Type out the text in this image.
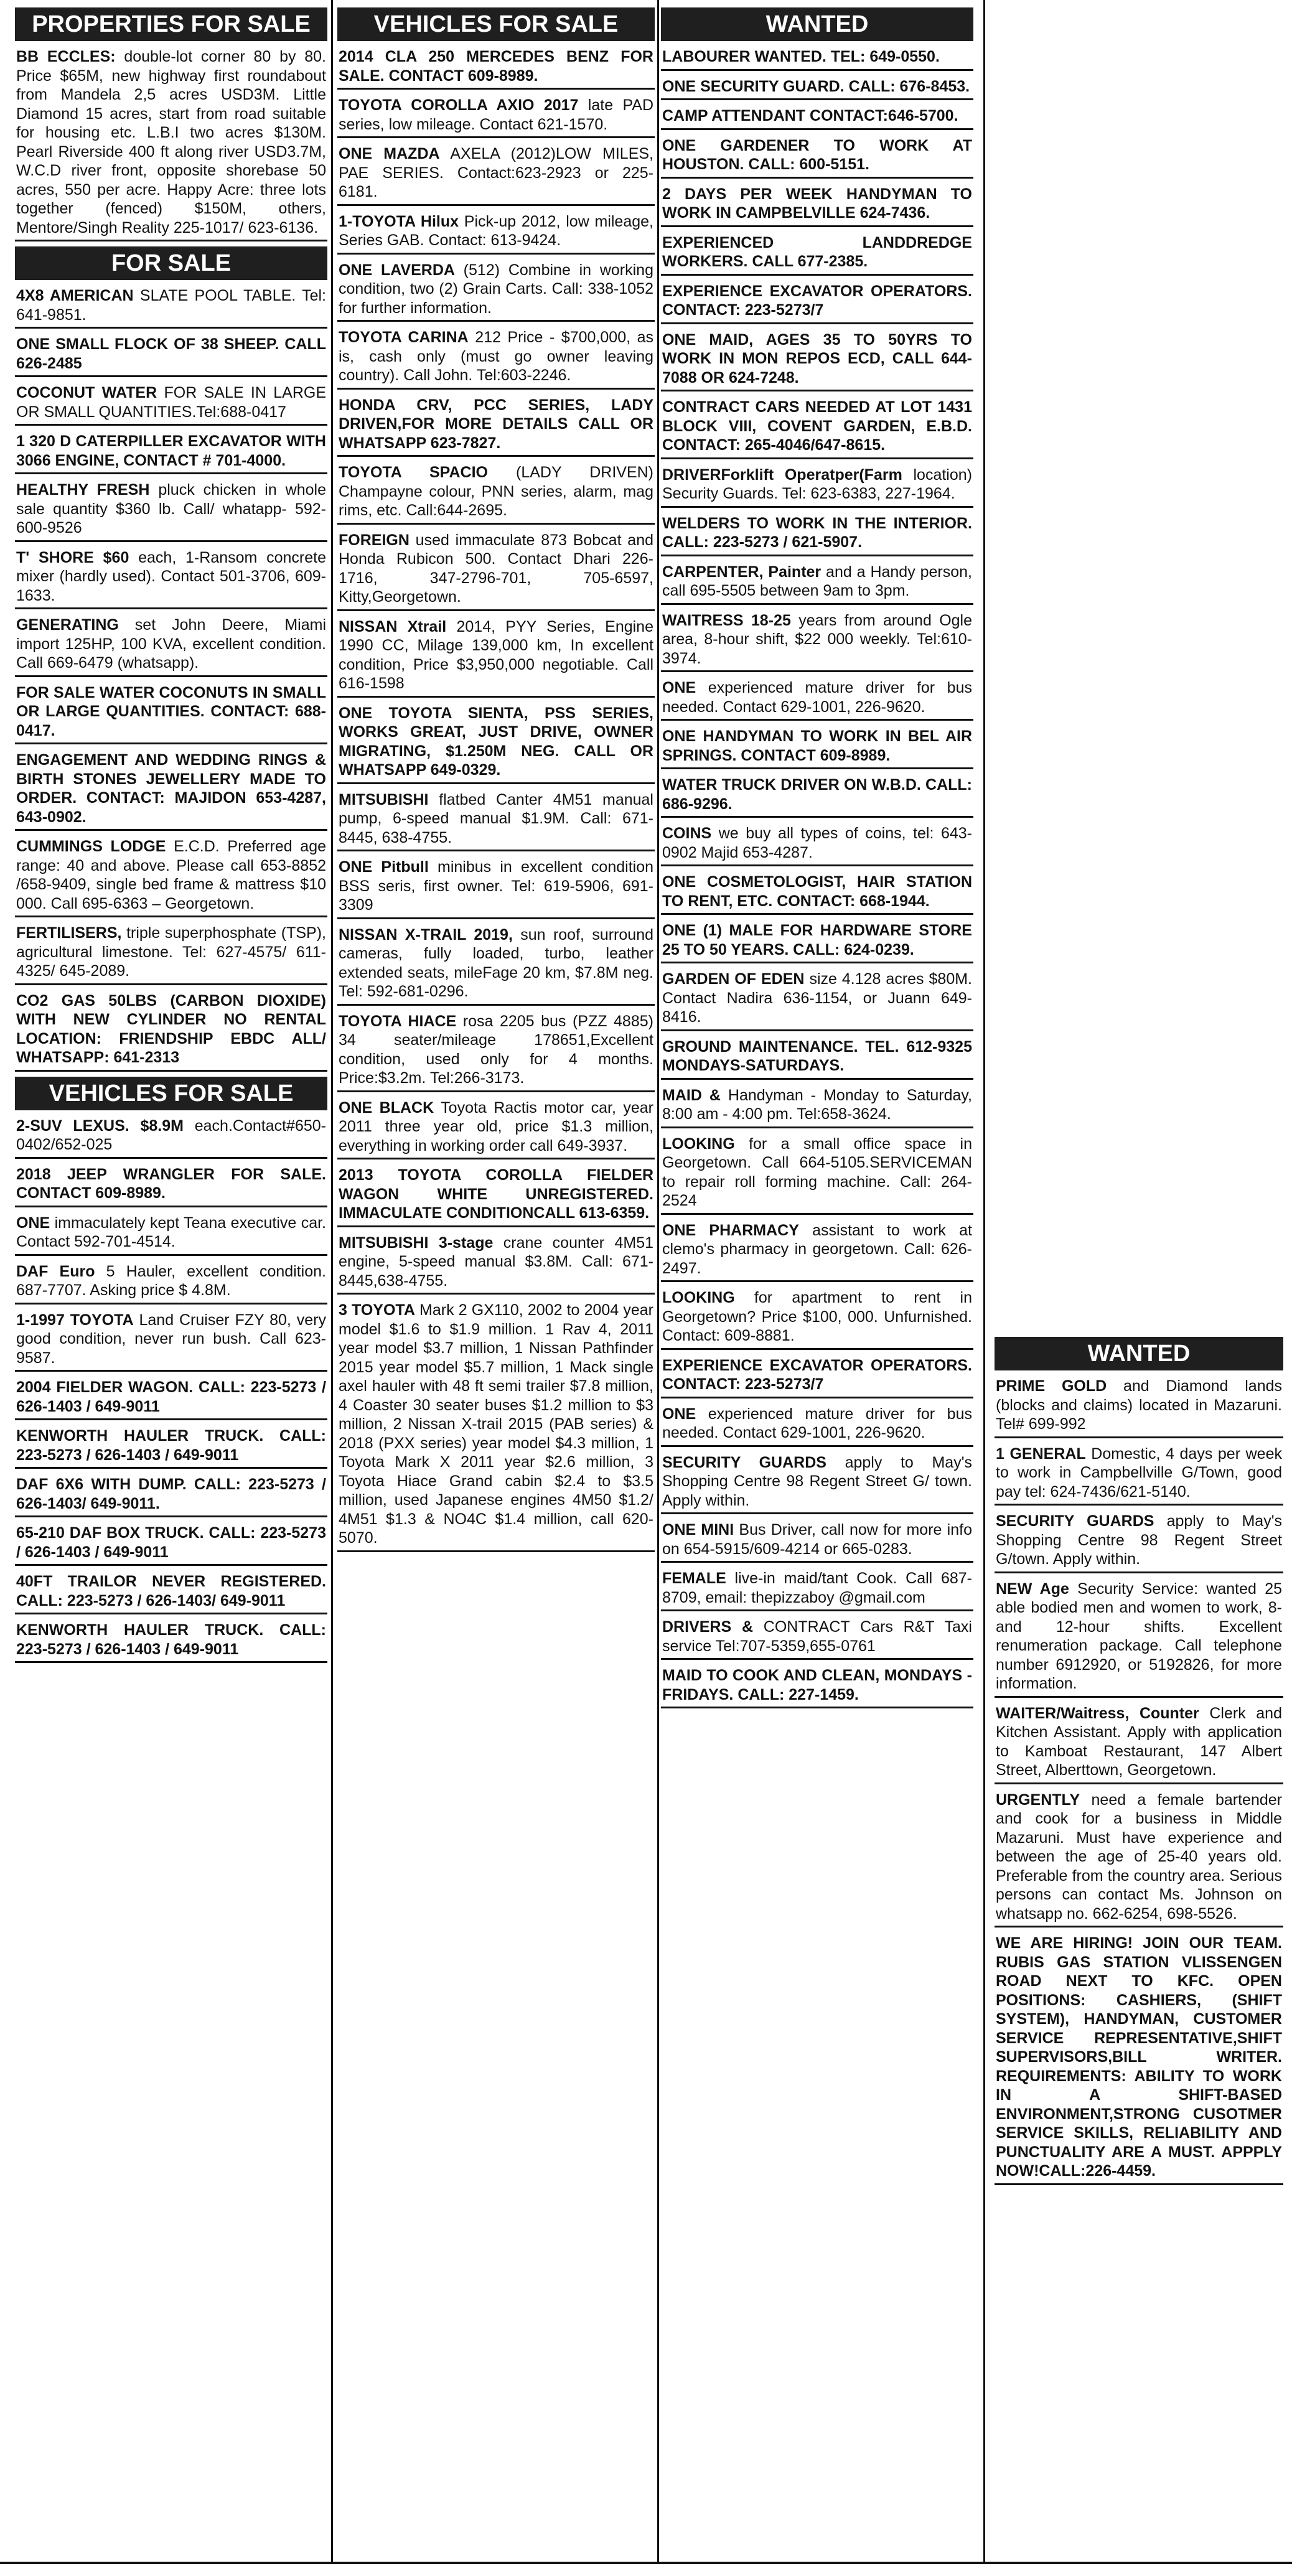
PROPERTIES FOR SALE
BB ECCLES: double-lot corner 80 by 80. Price $65M, new highway first roundabout from Mandela 2,5 acres USD3M. Little Diamond 15 acres, start from road suitable for housing etc. L.B.I two acres $130M. Pearl Riverside 400 ft along river USD3.7M, W.C.D river front, opposite shorebase 50 acres, 550 per acre. Happy Acre: three lots together (fenced) $150M, others, Mentore/Singh Reality 225-1017/ 623-6136.
FOR SALE
4X8 AMERICAN SLATE POOL TABLE. Tel: 641-9851.
ONE SMALL FLOCK OF 38 SHEEP. CALL 626-2485
COCONUT WATER FOR SALE IN LARGE OR SMALL QUANTITIES.Tel:688-0417
1 320 D CATERPILLER EXCAVATOR WITH 3066 ENGINE, CONTACT # 701-4000.
HEALTHY FRESH pluck chicken in whole sale quantity $360 lb. Call/ whatapp- 592-600-9526
T' SHORE $60 each, 1-Ransom concrete mixer (hardly used). Contact 501-3706, 609-1633.
GENERATING set John Deere, Miami import 125HP, 100 KVA, excellent condition. Call 669-6479 (whatsapp).
FOR SALE WATER COCONUTS IN SMALL OR LARGE QUANTITIES. CONTACT: 688-0417.
ENGAGEMENT AND WEDDING RINGS & BIRTH STONES JEWELLERY MADE TO ORDER. CONTACT: MAJIDON 653-4287, 643-0902.
CUMMINGS LODGE E.C.D. Preferred age range: 40 and above. Please call 653-8852 /658-9409, single bed frame & mattress $10 000. Call 695-6363 – Georgetown.
FERTILISERS, triple superphosphate (TSP), agricultural limestone. Tel: 627-4575/ 611-4325/ 645-2089.
CO2 GAS 50LBS (CARBON DIOXIDE) WITH NEW CYLINDER NO RENTAL LOCATION: FRIENDSHIP EBDC ALL/ WHATSAPP: 641-2313
VEHICLES FOR SALE
2-SUV LEXUS. $8.9M each.Contact#650-0402/652-025
2018 JEEP WRANGLER FOR SALE. CONTACT 609-8989.
ONE immaculately kept Teana executive car. Contact 592-701-4514.
DAF Euro 5 Hauler, excellent condition. 687-7707. Asking price $ 4.8M.
1-1997 TOYOTA Land Cruiser FZY 80, very good condition, never run bush. Call 623-9587.
2004 FIELDER WAGON. CALL: 223-5273 / 626-1403 / 649-9011
KENWORTH HAULER TRUCK. CALL: 223-5273 / 626-1403 / 649-9011
DAF 6X6 WITH DUMP. CALL: 223-5273 / 626-1403/ 649-9011.
65-210 DAF BOX TRUCK. CALL: 223-5273 / 626-1403 / 649-9011
40FT TRAILOR NEVER REGISTERED. CALL: 223-5273 / 626-1403/ 649-9011
KENWORTH HAULER TRUCK. CALL: 223-5273 / 626-1403 / 649-9011
VEHICLES FOR SALE
2014 CLA 250 MERCEDES BENZ FOR SALE. CONTACT 609-8989.
TOYOTA COROLLA AXIO 2017 late PAD series, low mileage. Contact 621-1570.
ONE MAZDA AXELA (2012)LOW MILES, PAE SERIES. Contact:623-2923 or 225-6181.
1-TOYOTA Hilux Pick-up 2012, low mileage, Series GAB. Contact: 613-9424.
ONE LAVERDA (512) Combine in working condition, two (2) Grain Carts. Call: 338-1052 for further information.
TOYOTA CARINA 212 Price - $700,000, as is, cash only (must go owner leaving country). Call John. Tel:603-2246.
HONDA CRV, PCC SERIES, LADY DRIVEN,FOR MORE DETAILS CALL OR WHATSAPP 623-7827.
TOYOTA SPACIO (LADY DRIVEN) Champayne colour, PNN series, alarm, mag rims, etc. Call:644-2695.
FOREIGN used immaculate 873 Bobcat and Honda Rubicon 500. Contact Dhari 226-1716, 347-2796-701, 705-6597, Kitty,Georgetown.
NISSAN Xtrail 2014, PYY Series, Engine 1990 CC, Milage 139,000 km, In excellent condition, Price $3,950,000 negotiable. Call 616-1598
ONE TOYOTA SIENTA, PSS SERIES, WORKS GREAT, JUST DRIVE, OWNER MIGRATING, $1.250M NEG. CALL OR WHATSAPP 649-0329.
MITSUBISHI flatbed Canter 4M51 manual pump, 6-speed manual $1.9M. Call: 671-8445, 638-4755.
ONE Pitbull minibus in excellent condition BSS seris, first owner. Tel: 619-5906, 691-3309
NISSAN X-TRAIL 2019, sun roof, surround cameras, fully loaded, turbo, leather extended seats, mileFage 20 km, $7.8M neg. Tel: 592-681-0296.
TOYOTA HIACE rosa 2205 bus (PZZ 4885) 34 seater/mileage 178651,Excellent condition, used only for 4 months. Price:$3.2m. Tel:266-3173.
ONE BLACK Toyota Ractis motor car, year 2011 three year old, price $1.3 million, everything in working order call 649-3937.
2013 TOYOTA COROLLA FIELDER WAGON WHITE UNREGISTERED. IMMACULATE CONDITIONCALL 613-6359.
MITSUBISHI 3-stage crane counter 4M51 engine, 5-speed manual $3.8M. Call: 671-8445,638-4755.
3 TOYOTA Mark 2 GX110, 2002 to 2004 year model $1.6 to $1.9 million. 1 Rav 4, 2011 year model $3.7 million, 1 Nissan Pathfinder 2015 year model $5.7 million, 1 Mack single axel hauler with 48 ft semi trailer $7.8 million, 4 Coaster 30 seater buses $1.2 million to $3 million, 2 Nissan X-trail 2015 (PAB series) & 2018 (PXX series) year model $4.3 million, 1 Toyota Mark X 2011 year $2.6 million, 3 Toyota Hiace Grand cabin $2.4 to $3.5 million, used Japanese engines 4M50 $1.2/ 4M51 $1.3 & NO4C $1.4 million, call 620-5070.
WANTED
LABOURER WANTED. TEL: 649-0550.
ONE SECURITY GUARD. CALL: 676-8453.
CAMP ATTENDANT CONTACT:646-5700.
ONE GARDENER TO WORK AT HOUSTON. CALL: 600-5151.
2 DAYS PER WEEK HANDYMAN TO WORK IN CAMPBELVILLE 624-7436.
EXPERIENCED LANDDREDGE WORKERS. CALL 677-2385.
EXPERIENCE EXCAVATOR OPERATORS. CONTACT: 223-5273/7
ONE MAID, AGES 35 TO 50YRS TO WORK IN MON REPOS ECD, CALL 644-7088 OR 624-7248.
CONTRACT CARS NEEDED AT LOT 1431 BLOCK VIII, COVENT GARDEN, E.B.D. CONTACT: 265-4046/647-8615.
DRIVERForklift Operatper(Farm location) Security Guards. Tel: 623-6383, 227-1964.
WELDERS TO WORK IN THE INTERIOR. CALL: 223-5273 / 621-5907.
CARPENTER, Painter and a Handy person, call 695-5505 between 9am to 3pm.
WAITRESS 18-25 years from around Ogle area, 8-hour shift, $22 000 weekly. Tel:610-3974.
ONE experienced mature driver for bus needed. Contact 629-1001, 226-9620.
ONE HANDYMAN TO WORK IN BEL AIR SPRINGS. CONTACT 609-8989.
WATER TRUCK DRIVER ON W.B.D. CALL: 686-9296.
COINS we buy all types of coins, tel: 643-0902 Majid 653-4287.
ONE COSMETOLOGIST, HAIR STATION TO RENT, ETC. CONTACT: 668-1944.
ONE (1) MALE FOR HARDWARE STORE 25 TO 50 YEARS. CALL: 624-0239.
GARDEN OF EDEN size 4.128 acres $80M. Contact Nadira 636-1154, or Juann 649-8416.
GROUND MAINTENANCE. TEL. 612-9325 MONDAYS-SATURDAYS.
MAID & Handyman - Monday to Saturday, 8:00 am - 4:00 pm. Tel:658-3624.
LOOKING for a small office space in Georgetown. Call 664-5105.SERVICEMAN to repair roll forming machine. Call: 264-2524
ONE PHARMACY assistant to work at clemo's pharmacy in georgetown. Call: 626-2497.
LOOKING for apartment to rent in Georgetown? Price $100, 000. Unfurnished. Contact: 609-8881.
EXPERIENCE EXCAVATOR OPERATORS. CONTACT: 223-5273/7
ONE experienced mature driver for bus needed. Contact 629-1001, 226-9620.
SECURITY GUARDS apply to May's Shopping Centre 98 Regent Street G/ town. Apply within.
ONE MINI Bus Driver, call now for more info on 654-5915/609-4214 or 665-0283.
FEMALE live-in maid/tant Cook. Call 687-8709, email: thepizzaboy @gmail.com
DRIVERS & CONTRACT Cars R&T Taxi service Tel:707-5359,655-0761
MAID TO COOK AND CLEAN, MONDAYS - FRIDAYS. CALL: 227-1459.
WANTED
PRIME GOLD and Diamond lands (blocks and claims) located in Mazaruni. Tel# 699-992
1 GENERAL Domestic, 4 days per week to work in Campbellville G/Town, good pay tel: 624-7436/621-5140.
SECURITY GUARDS apply to May's Shopping Centre 98 Regent Street G/town. Apply within.
NEW Age Security Service: wanted 25 able bodied men and women to work, 8- and 12-hour shifts. Excellent renumeration package. Call telephone number 6912920, or 5192826, for more information.
WAITER/Waitress, Counter Clerk and Kitchen Assistant. Apply with application to Kamboat Restaurant, 147 Albert Street, Alberttown, Georgetown.
URGENTLY need a female bartender and cook for a business in Middle Mazaruni. Must have experience and between the age of 25-40 years old. Preferable from the country area. Serious persons can contact Ms. Johnson on whatsapp no. 662-6254, 698-5526.
WE ARE HIRING! JOIN OUR TEAM. RUBIS GAS STATION VLISSENGEN ROAD NEXT TO KFC. OPEN POSITIONS: CASHIERS, (SHIFT SYSTEM), HANDYMAN, CUSTOMER SERVICE REPRESENTATIVE,SHIFT SUPERVISORS,BILL WRITER. REQUIREMENTS: ABILITY TO WORK IN A SHIFT-BASED ENVIRONMENT,STRONG CUSOTMER SERVICE SKILLS, RELIABILITY AND PUNCTUALITY ARE A MUST. APPPLY NOW!CALL:226-4459.
